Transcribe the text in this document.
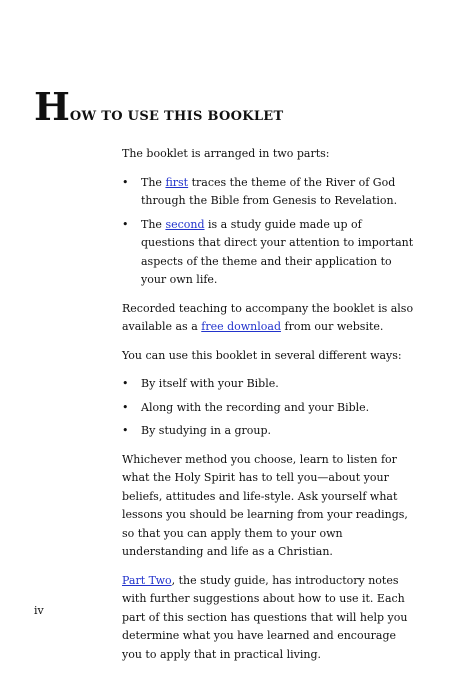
HOW TO USE THIS BOOKLET

The booklet is arranged in two parts:

• The first traces the theme of the River of God through the Bible from Genesis to Revelation.
• The second is a study guide made up of questions that direct your attention to important aspects of the theme and their application to your own life.

Recorded teaching to accompany the booklet is also available as a free download from our website.

You can use this booklet in several different ways:

• By itself with your Bible.
• Along with the recording and your Bible.
• By studying in a group.

Whichever method you choose, learn to listen for what the Holy Spirit has to tell you—about your beliefs, attitudes and life-style. Ask yourself what lessons you should be learning from your readings, so that you can apply them to your own understanding and life as a Christian.

Part Two, the study guide, has introductory notes with further suggestions about how to use it. Each part of this section has questions that will help you determine what you have learned and encourage you to apply that in practical living.

iv
